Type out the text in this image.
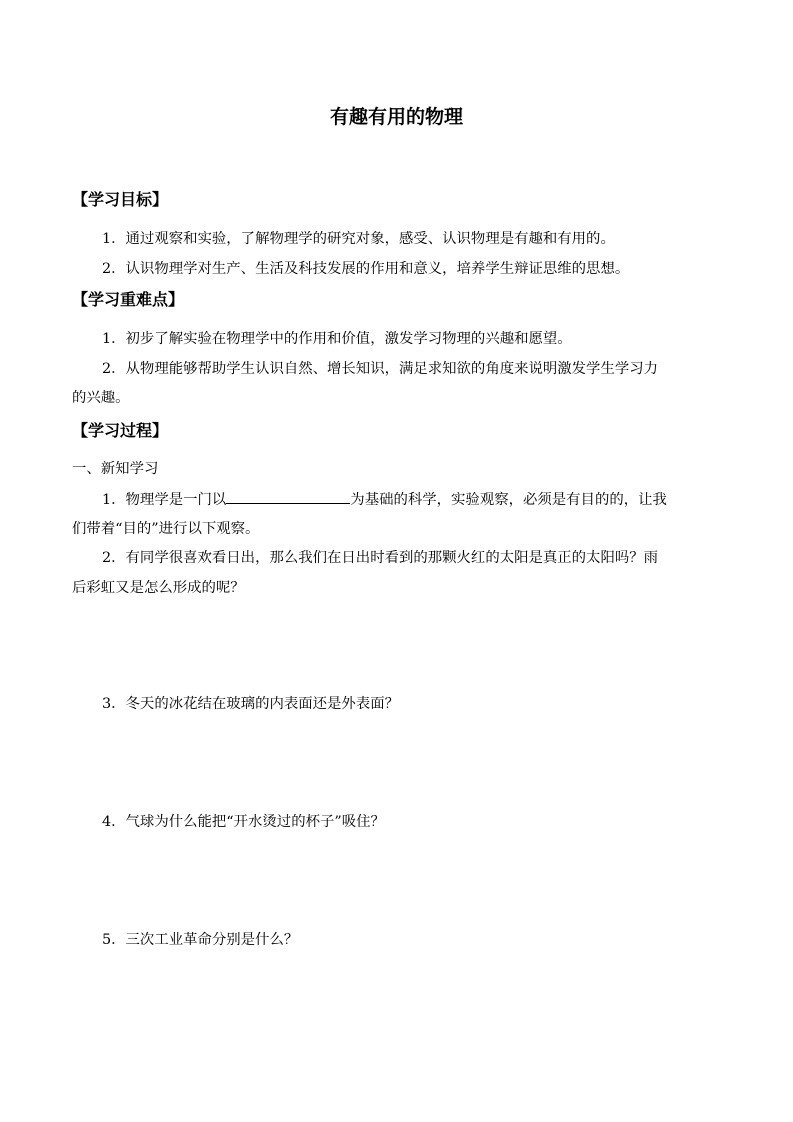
有趣有用的物理
【学习目标】
1．通过观察和实验，了解物理学的研究对象，感受、认识物理是有趣和有用的。
2．认识物理学对生产、生活及科技发展的作用和意义，培养学生辩证思维的思想。
【学习重难点】
1．初步了解实验在物理学中的作用和价值，激发学习物理的兴趣和愿望。
2．从物理能够帮助学生认识自然、增长知识，满足求知欲的角度来说明激发学生学习力
的兴趣。
【学习过程】
一、新知学习
1．物理学是一门以	为基础的科学，实验观察，必须是有目的的，让我
们带着“目的”进行以下观察。
2．有同学很喜欢看日出，那么我们在日出时看到的那颗火红的太阳是真正的太阳吗？雨
后彩虹又是怎么形成的呢？
3．冬天的冰花结在玻璃的内表面还是外表面？
4．气球为什么能把“开水烫过的杯子”吸住？
5．三次工业革命分别是什么？
